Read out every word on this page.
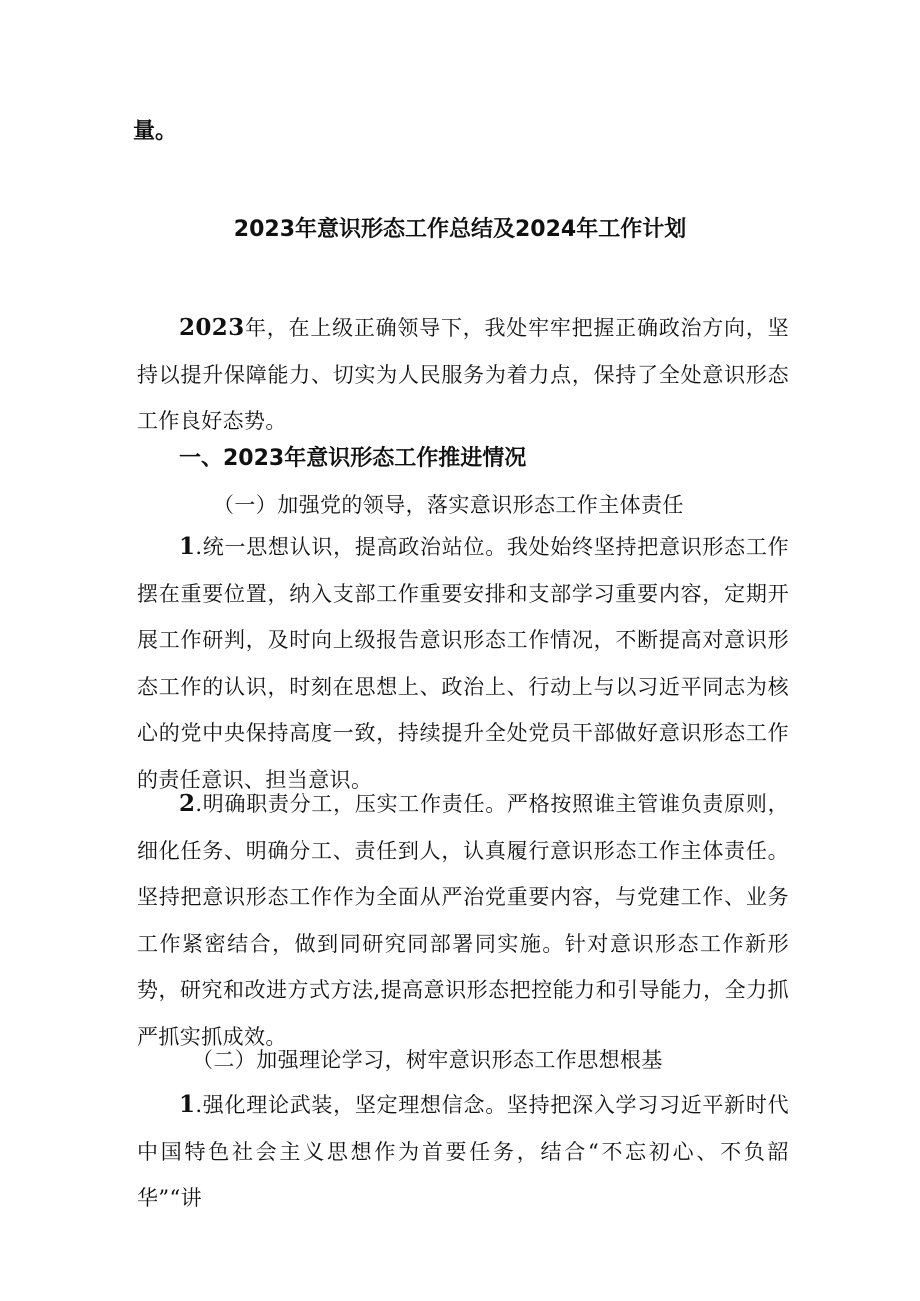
量。
2023年意识形态工作总结及2024年工作计划

2023年，在上级正确领导下，我处牢牢把握正确政治方向，坚持以提升保障能力、切实为人民服务为着力点，保持了全处意识形态工作良好态势。

一、2023年意识形态工作推进情况
（一）加强党的领导，落实意识形态工作主体责任

1.统一思想认识，提高政治站位。我处始终坚持把意识形态工作摆在重要位置，纳入支部工作重要安排和支部学习重要内容，定期开展工作研判，及时向上级报告意识形态工作情况，不断提高对意识形态工作的认识，时刻在思想上、政治上、行动上与以习近平同志为核心的党中央保持高度一致，持续提升全处党员干部做好意识形态工作的责任意识、担当意识。

2.明确职责分工，压实工作责任。严格按照谁主管谁负责原则，细化任务、明确分工、责任到人，认真履行意识形态工作主体责任。坚持把意识形态工作作为全面从严治党重要内容，与党建工作、业务工作紧密结合，做到同研究同部署同实施。针对意识形态工作新形势，研究和改进方式方法,提高意识形态把控能力和引导能力，全力抓严抓实抓成效。

（二）加强理论学习，树牢意识形态工作思想根基

1.强化理论武装，坚定理想信念。坚持把深入学习习近平新时代中国特色社会主义思想作为首要任务，结合“不忘初心、不负韶华”“讲
